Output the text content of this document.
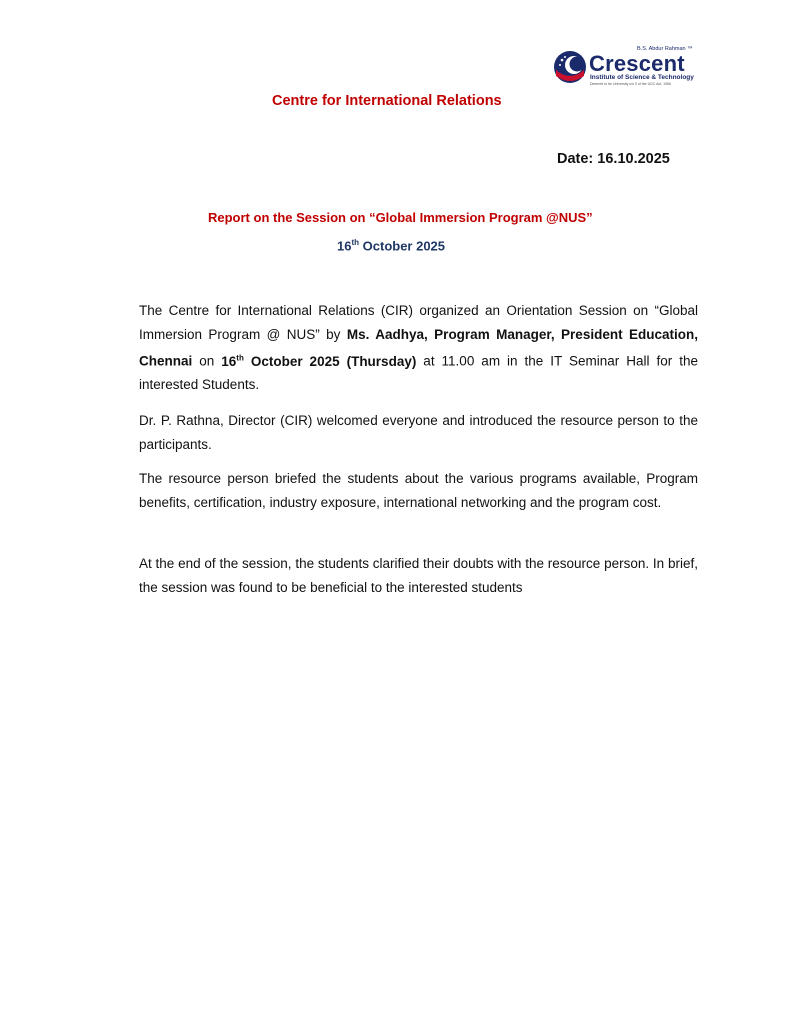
B.S. Abdur Rahman ™
Crescent
Institute of Science & Technology
Deemed to be University u/s 3 of the UGC Act, 1956
Centre for International Relations
Date: 16.10.2025
Report on the Session on “Global Immersion Program @NUS”
16th October 2025

The Centre for International Relations (CIR) organized an Orientation Session on “Global Immersion Program @ NUS” by Ms. Aadhya, Program Manager, President Education, Chennai on 16th October 2025 (Thursday) at 11.00 am in the IT Seminar Hall for the interested Students.

Dr. P. Rathna, Director (CIR) welcomed everyone and introduced the resource person to the participants.

The resource person briefed the students about the various programs available, Program benefits, certification, industry exposure, international networking and the program cost.

At the end of the session, the students clarified their doubts with the resource person. In brief, the session was found to be beneficial to the interested students
